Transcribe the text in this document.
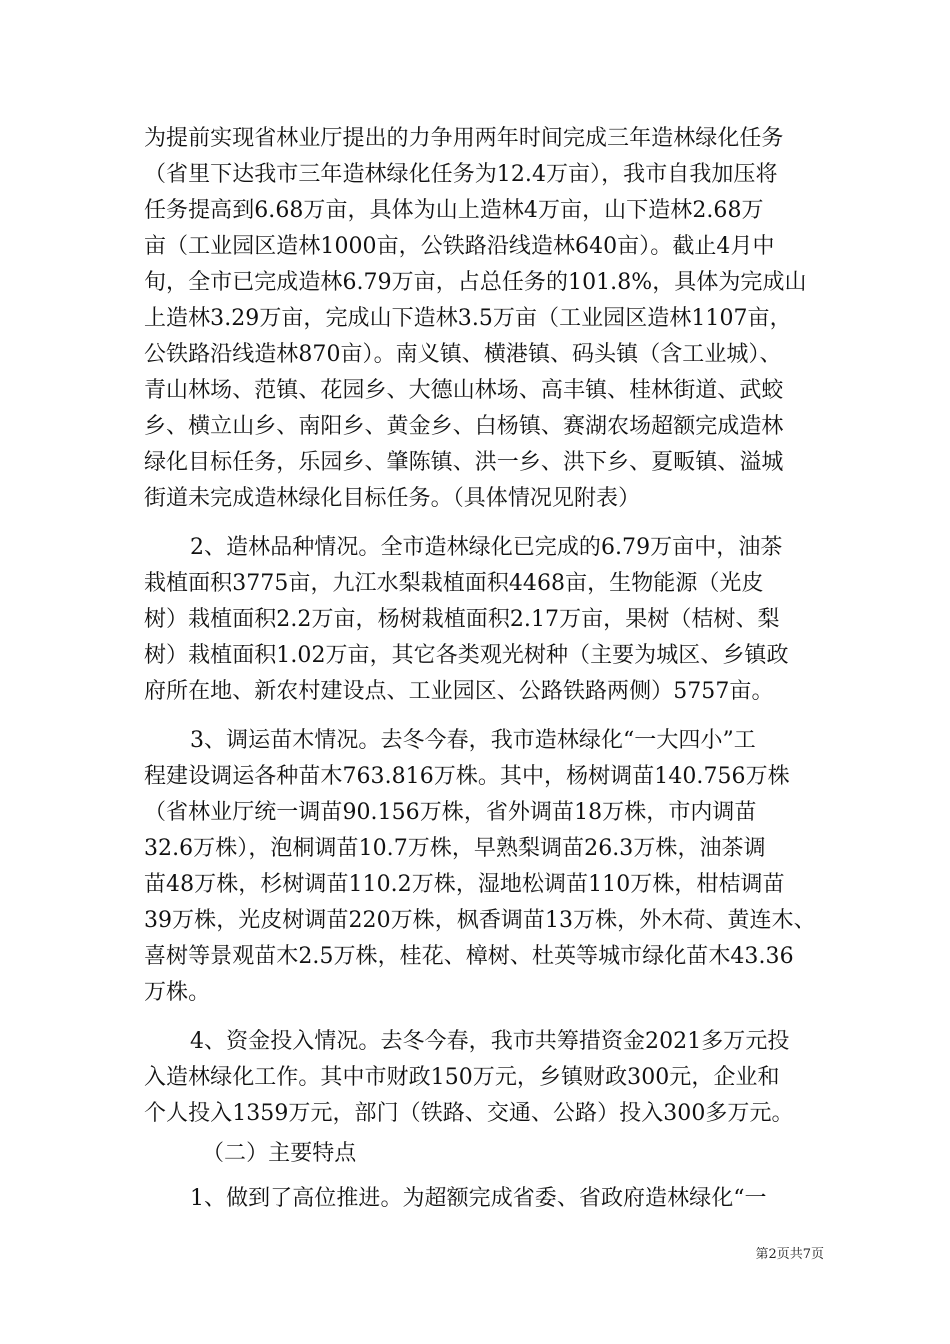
为提前实现省林业厅提出的力争用两年时间完成三年造林绿化任务
（省里下达我市三年造林绿化任务为12.4万亩），我市自我加压将
任务提高到6.68万亩，具体为山上造林4万亩，山下造林2.68万
亩（工业园区造林1000亩，公铁路沿线造林640亩）。截止4月中
旬，全市已完成造林6.79万亩，占总任务的101.8%，具体为完成山
上造林3.29万亩，完成山下造林3.5万亩（工业园区造林1107亩，
公铁路沿线造林870亩）。南义镇、横港镇、码头镇（含工业城）、
青山林场、范镇、花园乡、大德山林场、高丰镇、桂林街道、武蛟
乡、横立山乡、南阳乡、黄金乡、白杨镇、赛湖农场超额完成造林
绿化目标任务，乐园乡、肇陈镇、洪一乡、洪下乡、夏畈镇、溢城
街道未完成造林绿化目标任务。（具体情况见附表）
2、造林品种情况。全市造林绿化已完成的6.79万亩中，油茶
栽植面积3775亩，九江水梨栽植面积4468亩，生物能源（光皮
树）栽植面积2.2万亩，杨树栽植面积2.17万亩，果树（桔树、梨
树）栽植面积1.02万亩，其它各类观光树种（主要为城区、乡镇政
府所在地、新农村建设点、工业园区、公路铁路两侧）5757亩。
3、调运苗木情况。去冬今春，我市造林绿化“一大四小”工
程建设调运各种苗木763.816万株。其中，杨树调苗140.756万株
（省林业厅统一调苗90.156万株，省外调苗18万株，市内调苗
32.6万株），泡桐调苗10.7万株，早熟梨调苗26.3万株，油茶调
苗48万株，杉树调苗110.2万株，湿地松调苗110万株，柑桔调苗
39万株，光皮树调苗220万株，枫香调苗13万株，外木荷、黄连木、
喜树等景观苗木2.5万株，桂花、樟树、杜英等城市绿化苗木43.36
万株。
4、资金投入情况。去冬今春，我市共筹措资金2021多万元投
入造林绿化工作。其中市财政150万元，乡镇财政300元，企业和
个人投入1359万元，部门（铁路、交通、公路）投入300多万元。
（二）主要特点
1、做到了高位推进。为超额完成省委、省政府造林绿化“一
第2页共7页
